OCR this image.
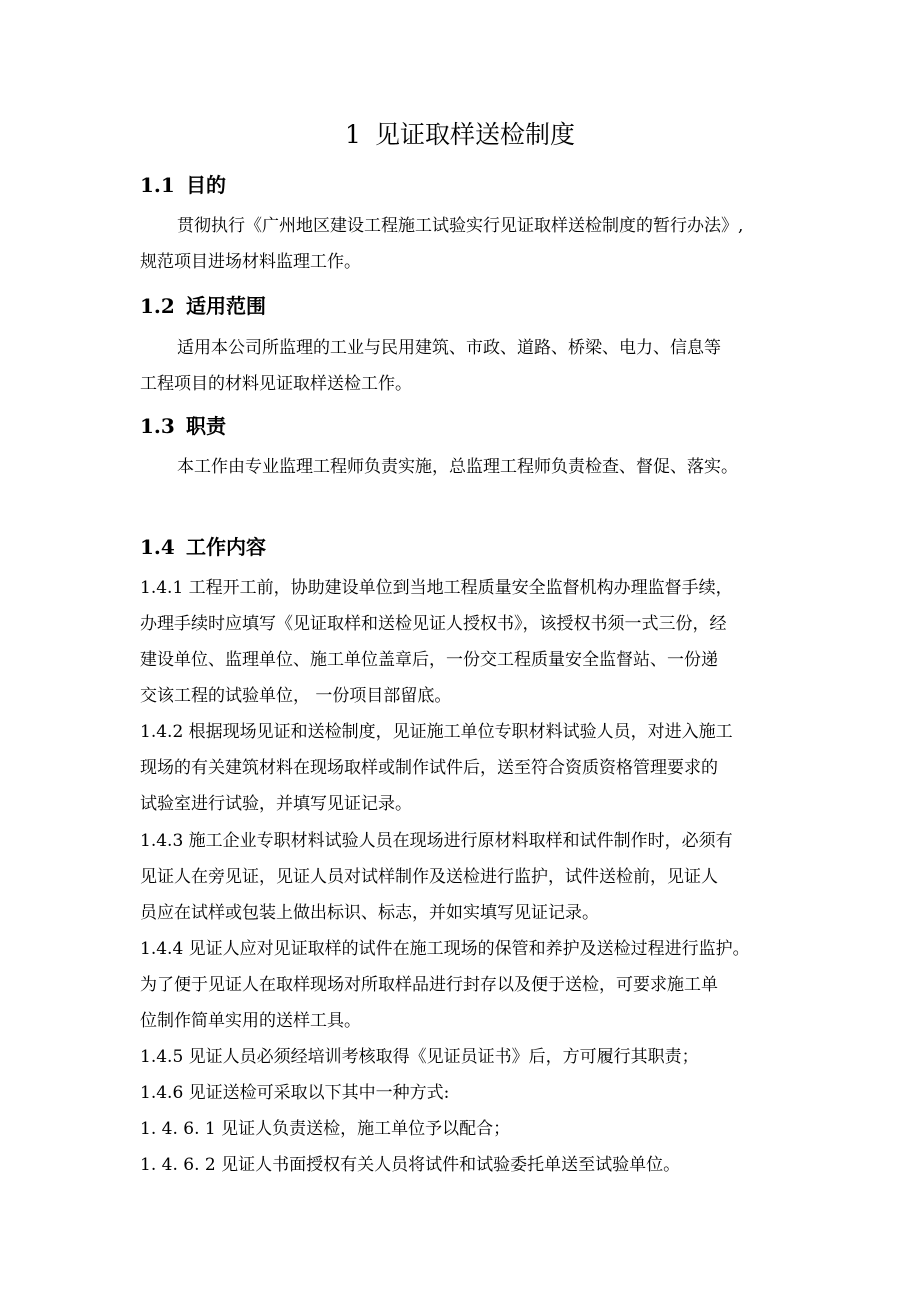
1 见证取样送检制度
1.1 目的
贯彻执行《广州地区建设工程施工试验实行见证取样送检制度的暂行办法》,
规范项目进场材料监理工作。
1.2 适用范围
适用本公司所监理的工业与民用建筑、市政、道路、桥梁、电力、信息等
工程项目的材料见证取样送检工作。
1.3 职责
本工作由专业监理工程师负责实施，总监理工程师负责检查、督促、落实。
1.4 工作内容
1.4.1 工程开工前，协助建设单位到当地工程质量安全监督机构办理监督手续，
办理手续时应填写《见证取样和送检见证人授权书》，该授权书须一式三份，经
建设单位、监理单位、施工单位盖章后，一份交工程质量安全监督站、一份递
交该工程的试验单位， 一份项目部留底。
1.4.2 根据现场见证和送检制度，见证施工单位专职材料试验人员，对进入施工
现场的有关建筑材料在现场取样或制作试件后，送至符合资质资格管理要求的
试验室进行试验，并填写见证记录。
1.4.3 施工企业专职材料试验人员在现场进行原材料取样和试件制作时，必须有
见证人在旁见证，见证人员对试样制作及送检进行监护，试件送检前，见证人
员应在试样或包装上做出标识、标志，并如实填写见证记录。
1.4.4 见证人应对见证取样的试件在施工现场的保管和养护及送检过程进行监护。
为了便于见证人在取样现场对所取样品进行封存以及便于送检，可要求施工单
位制作简单实用的送样工具。
1.4.5 见证人员必须经培训考核取得《见证员证书》后，方可履行其职责；
1.4.6 见证送检可采取以下其中一种方式:
1. 4. 6. 1 见证人负责送检，施工单位予以配合；
1. 4. 6. 2 见证人书面授权有关人员将试件和试验委托单送至试验单位。
